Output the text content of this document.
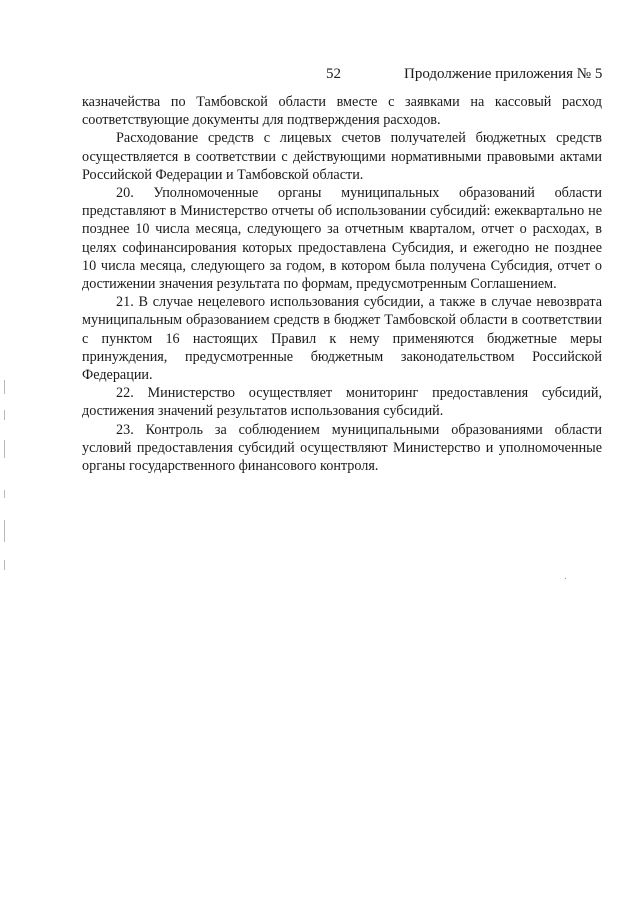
52	Продолжение приложения № 5

казначейства по Тамбовской области вместе с заявками на кассовый расход соответствующие документы для подтверждения расходов.

Расходование средств с лицевых счетов получателей бюджетных средств осуществляется в соответствии с действующими нормативными правовыми актами Российской Федерации и Тамбовской области.

20. Уполномоченные органы муниципальных образований области представляют в Министерство отчеты об использовании субсидий: ежеквартально не позднее 10 числа месяца, следующего за отчетным кварталом, отчет о расходах, в целях софинансирования которых предоставлена Субсидия, и ежегодно не позднее 10 числа месяца, следующего за годом, в котором была получена Субсидия, отчет о достижении значения результата по формам, предусмотренным Соглашением.

21. В случае нецелевого использования субсидии, а также в случае невозврата муниципальным образованием средств в бюджет Тамбовской области в соответствии с пунктом 16 настоящих Правил к нему применяются бюджетные меры принуждения, предусмотренные бюджетным законодательством Российской Федерации.

22. Министерство осуществляет мониторинг предоставления субсидий, достижения значений результатов использования субсидий.

23. Контроль за соблюдением муниципальными образованиями области условий предоставления субсидий осуществляют Министерство и уполномоченные органы государственного финансового контроля.
